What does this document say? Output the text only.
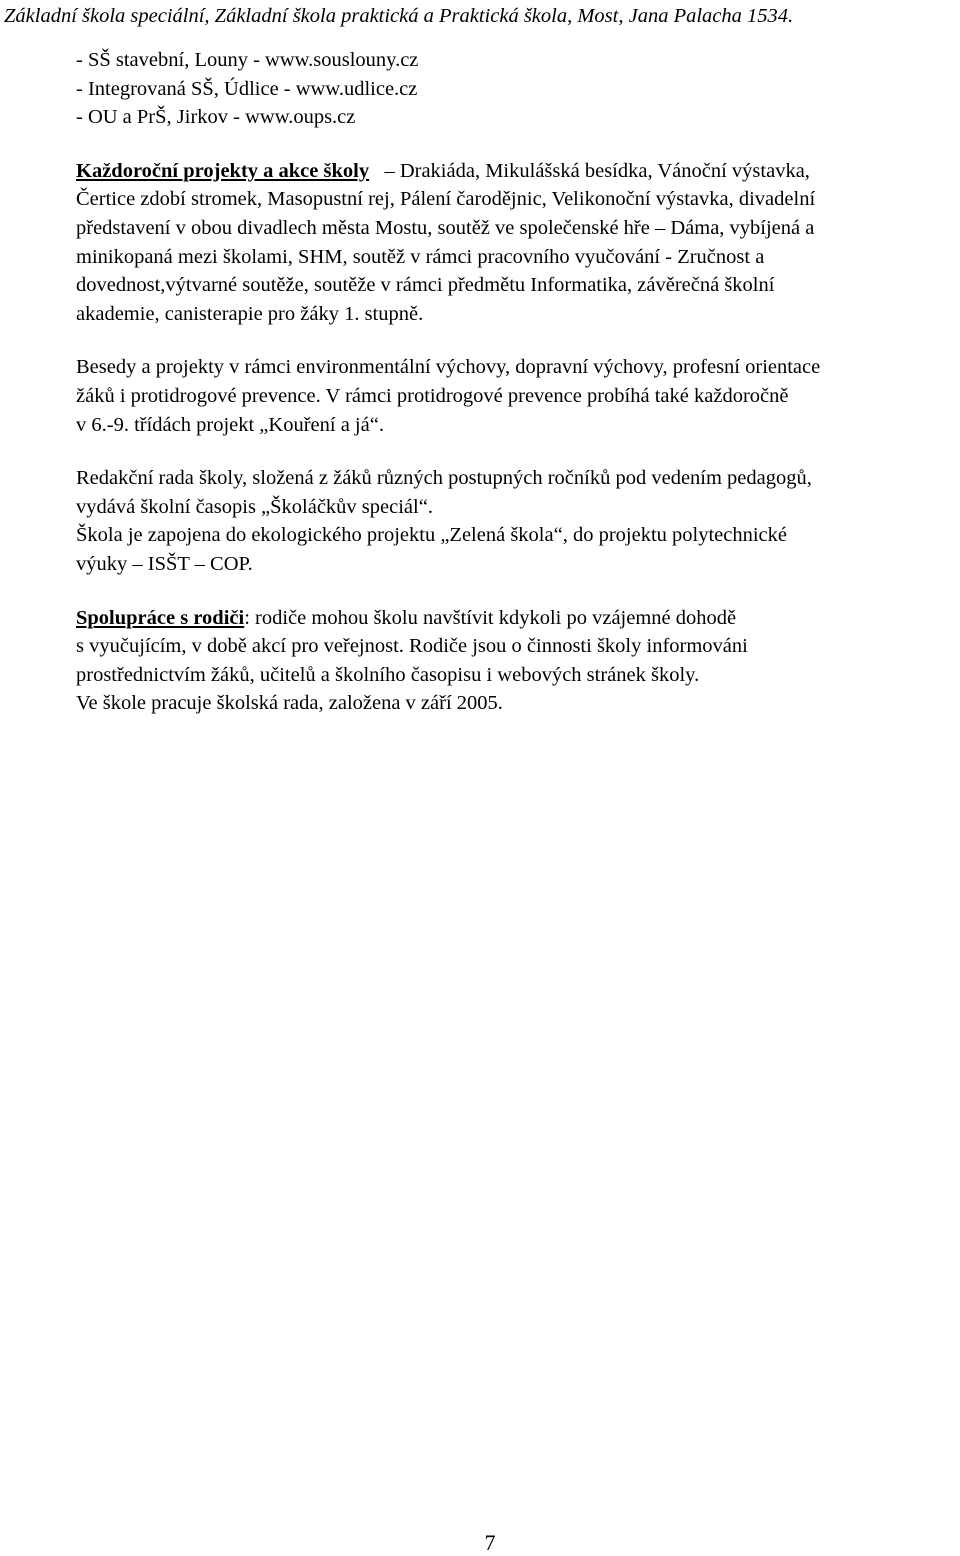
Základní škola speciální, Základní škola praktická a Praktická škola, Most, Jana Palacha 1534.
- SŠ stavební, Louny - www.souslouny.cz
- Integrovaná SŠ, Údlice - www.udlice.cz
- OU a PrŠ, Jirkov - www.oups.cz
Každoroční projekty a akce školy   – Drakiáda, Mikulášská besídka, Vánoční výstavka,
Čertice zdobí stromek, Masopustní rej, Pálení čarodějnic, Velikonoční výstavka, divadelní
představení v obou divadlech města Mostu, soutěž ve společenské hře – Dáma, vybíjená a
minikopaná mezi školami, SHM, soutěž v rámci pracovního vyučování - Zručnost a
dovednost,výtvarné soutěže, soutěže v rámci předmětu Informatika, závěrečná školní
akademie, canisterapie pro žáky 1. stupně.
Besedy a projekty v rámci environmentální výchovy, dopravní výchovy, profesní orientace
žáků i protidrogové prevence. V rámci protidrogové prevence probíhá také každoročně
v 6.-9. třídách projekt „Kouření a já“.
Redakční rada školy, složená z žáků různých postupných ročníků pod vedením pedagogů,
vydává školní časopis „Školáčkův speciál“.
Škola je zapojena do ekologického projektu „Zelená škola“, do projektu polytechnické
výuky – ISŠT – COP.
Spolupráce s rodiči: rodiče mohou školu navštívit kdykoli po vzájemné dohodě
s vyučujícím, v době akcí pro veřejnost. Rodiče jsou o činnosti školy informováni
prostřednictvím žáků, učitelů a školního časopisu i webových stránek školy.
Ve škole pracuje školská rada, založena v září 2005.
7
